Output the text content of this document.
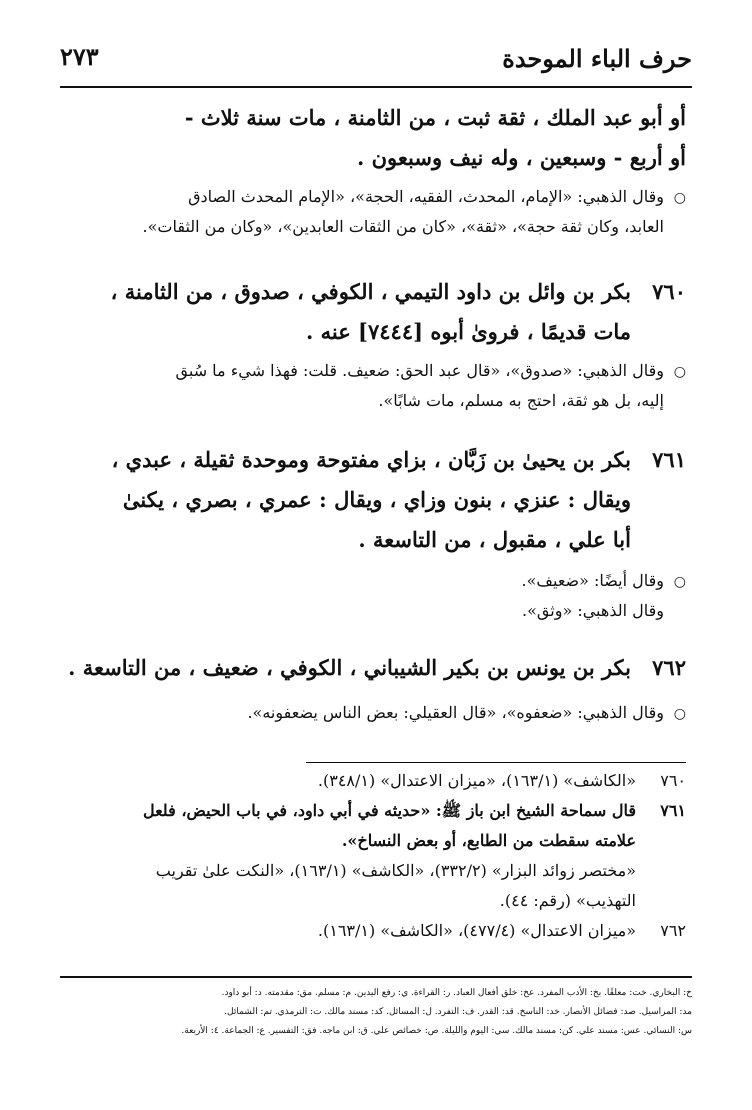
حرف الباء الموحدة
٢٧٣
أو أبو عبد الملك ، ثقة ثبت ، من الثامنة ، مات سنة ثلاث -
أو أربع - وسبعين ، وله نيف وسبعون .
○وقال الذهبي: «الإمام، المحدث، الفقيه، الحجة»، «الإمام المحدث الصادق
العابد، وكان ثقة حجة»، «ثقة»، «كان من الثقات العابدين»، «وكان من الثقات».
٧٦٠بكر بن وائل بن داود التيمي ، الكوفي ، صدوق ، من الثامنة ،
مات قديمًا ، فروىٰ أبوه [٧٤٤٤] عنه .
○وقال الذهبي: «صدوق»، «قال عبد الحق: ضعيف. قلت: فهذا شيء ما سُبق
إليه، بل هو ثقة، احتج به مسلم، مات شابًا».
٧٦١بكر بن يحيىٰ بن زَبَّان ، بزاي مفتوحة وموحدة ثقيلة ، عبدي ،
ويقال : عنزي ، بنون وزاي ، ويقال : عمري ، بصري ، يكنىٰ
أبا علي ، مقبول ، من التاسعة .
○وقال أيضًا: «ضعيف».
وقال الذهبي: «وثق».
٧٦٢بكر بن يونس بن بكير الشيباني ، الكوفي ، ضعيف ، من التاسعة .
○وقال الذهبي: «ضعفوه»، «قال العقيلي: بعض الناس يضعفونه».
٧٦٠«الكاشف» (١٦٣/١)، «ميزان الاعتدال» (٣٤٨/١).
٧٦١قال سماحة الشيخ ابن باز ﷺ: «حديثه في أبي داود، في باب الحيض، فلعل
علامته سقطت من الطابع، أو بعض النساخ».
«مختصر زوائد البزار» (٣٣٢/٢)، «الكاشف» (١٦٣/١)، «النكت علىٰ تقريب
التهذيب» (رقم: ٤٤).
٧٦٢«ميزان الاعتدال» (٤٧٧/٤)، «الكاشف» (١٦٣/١).
خ: البخاري. خت: معلقًا. بخ: الأدب المفرد. عخ: خلق أفعال العباد. ر: القراءة. ي: رفع اليدين. م: مسلم. مق: مقدمته. د: أبو داود.
مد: المراسيل. صد: فضائل الأنصار. خد: الناسخ. قد: القدر. ف: التفرد. ل: المسائل. كد: مسند مالك. ت: الترمذي. تم: الشمائل.
س: النسائي. عس: مسند علي. كن: مسند مالك. سي: اليوم والليلة. ص: خصائص علي. ق: ابن ماجه. فق: التفسير. ع: الجماعة. ٤: الأربعة.
